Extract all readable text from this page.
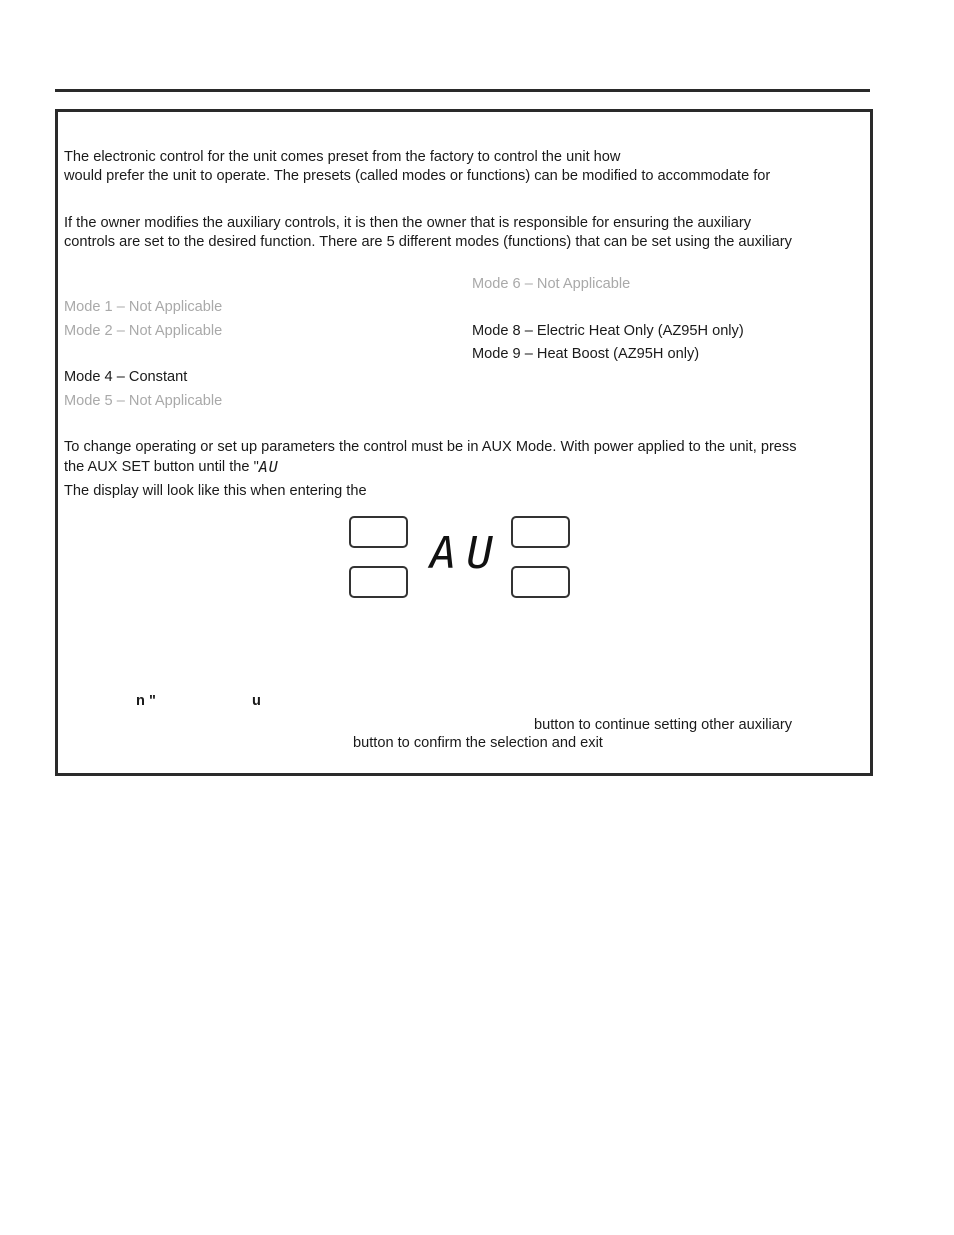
The electronic control for the unit comes preset from the factory to control the unit how
would prefer the unit to operate. The presets (called modes or functions) can be modified to accommodate for
If the owner modifies the auxiliary controls, it is then the owner that is responsible for ensuring the auxiliary
controls are set to the desired function. There are 5 different modes (functions) that can be set using the auxiliary
Mode 6 – Not Applicable
Mode 1 – Not Applicable
Mode 2 – Not Applicable	Mode 8 – Electric Heat Only (AZ95H only)
Mode 9 – Heat Boost (AZ95H only)
Mode 4 – Constant
Mode 5 – Not Applicable
To change operating or set up parameters the control must be in AUX Mode. With power applied to the unit, press
the AUX SET button until the " AU
The display will look like this when entering the
AU
n "	u
button to continue setting other auxiliary
button to confirm the selection and exit
